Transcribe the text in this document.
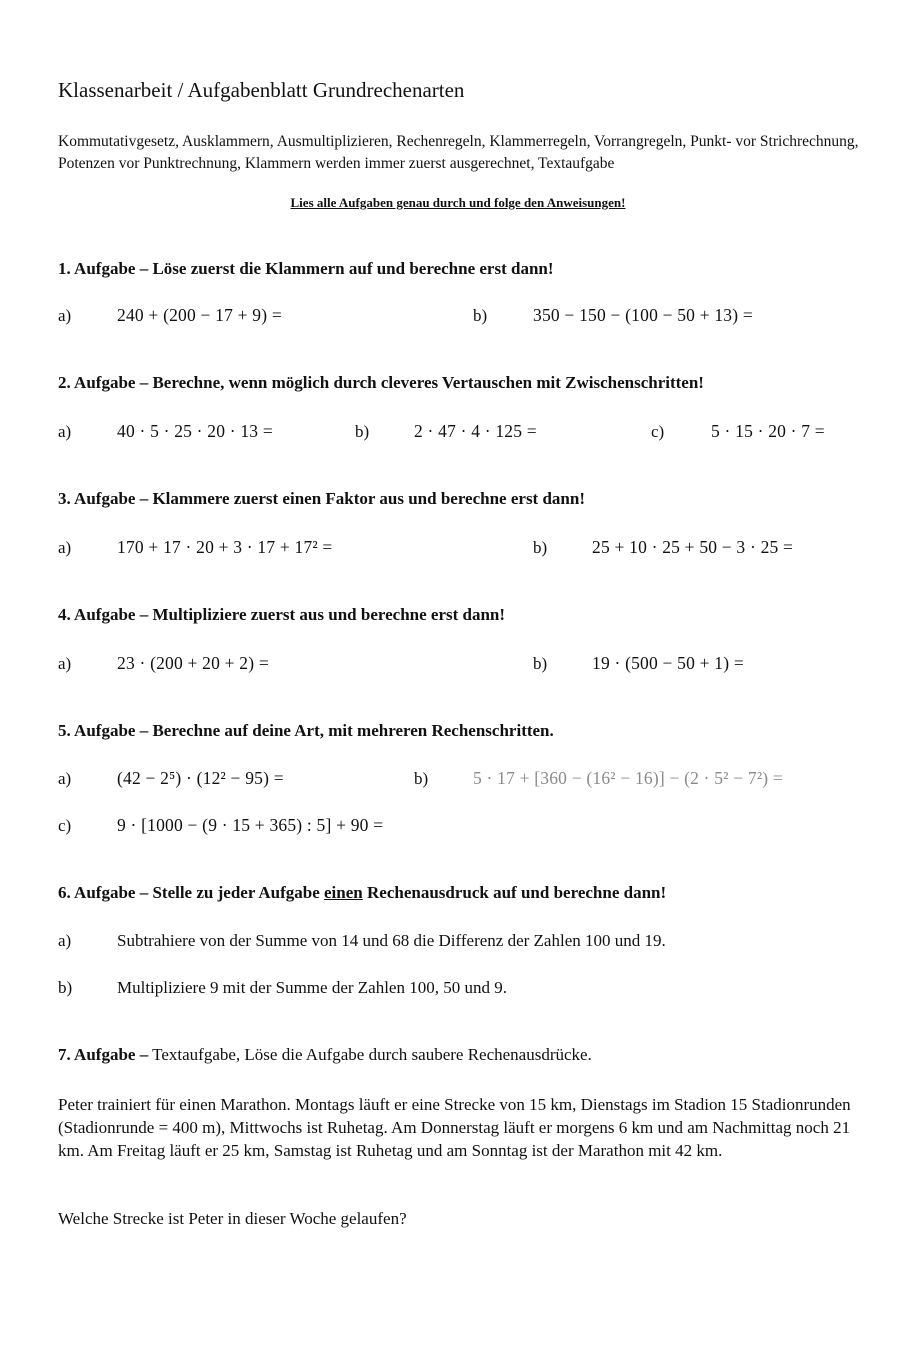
Klassenarbeit / Aufgabenblatt Grundrechenarten
Kommutativgesetz, Ausklammern, Ausmultiplizieren, Rechenregeln, Klammerregeln, Vorrangregeln, Punkt- vor Strichrechnung, Potenzen vor Punktrechnung, Klammern werden immer zuerst ausgerechnet, Textaufgabe
Lies alle Aufgaben genau durch und folge den Anweisungen!
1. Aufgabe – Löse zuerst die Klammern auf und berechne erst dann!
a)	240 + (200 − 17 + 9) =	b)	350 − 150 − (100 − 50 + 13) =
2. Aufgabe – Berechne, wenn möglich durch cleveres Vertauschen mit Zwischenschritten!
a)	40 · 5 · 25 · 20 · 13 =	b)	2 · 47 · 4 · 125 =	c)	5 · 15 · 20 · 7 =
3. Aufgabe – Klammere zuerst einen Faktor aus und berechne erst dann!
a)	170 + 17 · 20 + 3 · 17 + 17² =	b)	25 + 10 · 25 + 50 − 3 · 25 =
4. Aufgabe – Multipliziere zuerst aus und berechne erst dann!
a)	23 · (200 + 20 + 2) =	b)	19 · (500 − 50 + 1) =
5. Aufgabe – Berechne auf deine Art, mit mehreren Rechenschritten.
a)	(42 − 2⁵) · (12² − 95) =	b)	5 · 17 + [360 − (16² − 16)] − (2 · 5² − 7²) =
c)	9 · [1000 − (9 · 15 + 365) : 5] + 90 =
6. Aufgabe – Stelle zu jeder Aufgabe einen Rechenausdruck auf und berechne dann!
a)	Subtrahiere von der Summe von 14 und 68 die Differenz der Zahlen 100 und 19.
b)	Multipliziere 9 mit der Summe der Zahlen 100, 50 und 9.
7. Aufgabe – Textaufgabe, Löse die Aufgabe durch saubere Rechenausdrücke.
Peter trainiert für einen Marathon. Montags läuft er eine Strecke von 15 km, Dienstags im Stadion 15 Stadionrunden (Stadionrunde = 400 m), Mittwochs ist Ruhetag. Am Donnerstag läuft er morgens 6 km und am Nachmittag noch 21 km. Am Freitag läuft er 25 km, Samstag ist Ruhetag und am Sonntag ist der Marathon mit 42 km.
Welche Strecke ist Peter in dieser Woche gelaufen?
